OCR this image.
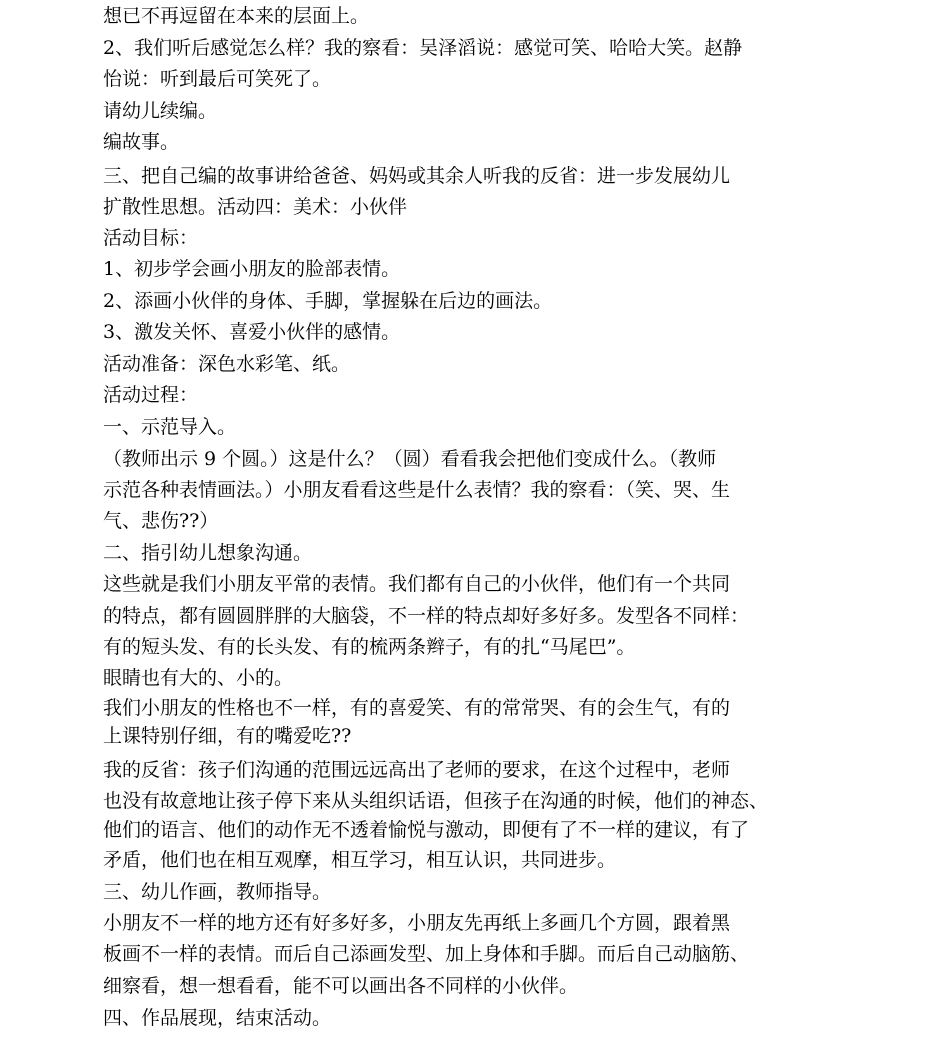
想已不再逗留在本来的层面上。
2、我们听后感觉怎么样？我的察看：吴泽滔说：感觉可笑、哈哈大笑。赵静
怡说：听到最后可笑死了。
请幼儿续编。
编故事。
三、把自己编的故事讲给爸爸、妈妈或其余人听我的反省：进一步发展幼儿
扩散性思想。活动四：美术：小伙伴
活动目标：
1、初步学会画小朋友的脸部表情。
2、添画小伙伴的身体、手脚，掌握躲在后边的画法。
3、激发关怀、喜爱小伙伴的感情。
活动准备：深色水彩笔、纸。
活动过程：
一、示范导入。
（教师出示 9 个圆。）这是什么？（圆）看看我会把他们变成什么。（教师
示范各种表情画法。）小朋友看看这些是什么表情？我的察看：（笑、哭、生
气、悲伤??）
二、指引幼儿想象沟通。
这些就是我们小朋友平常的表情。我们都有自己的小伙伴，他们有一个共同
的特点，都有圆圆胖胖的大脑袋，不一样的特点却好多好多。发型各不同样：
有的短头发、有的长头发、有的梳两条辫子，有的扎“马尾巴”。
眼睛也有大的、小的。
我们小朋友的性格也不一样，有的喜爱笑、有的常常哭、有的会生气，有的
上课特别仔细，有的嘴爱吃??
我的反省：孩子们沟通的范围远远高出了老师的要求，在这个过程中，老师
也没有故意地让孩子停下来从头组织话语，但孩子在沟通的时候，他们的神态、
他们的语言、他们的动作无不透着愉悦与激动，即便有了不一样的建议，有了
矛盾，他们也在相互观摩，相互学习，相互认识，共同进步。
三、幼儿作画，教师指导。
小朋友不一样的地方还有好多好多，小朋友先再纸上多画几个方圆，跟着黑
板画不一样的表情。而后自己添画发型、加上身体和手脚。而后自己动脑筋、
细察看，想一想看看，能不可以画出各不同样的小伙伴。
四、作品展现，结束活动。
